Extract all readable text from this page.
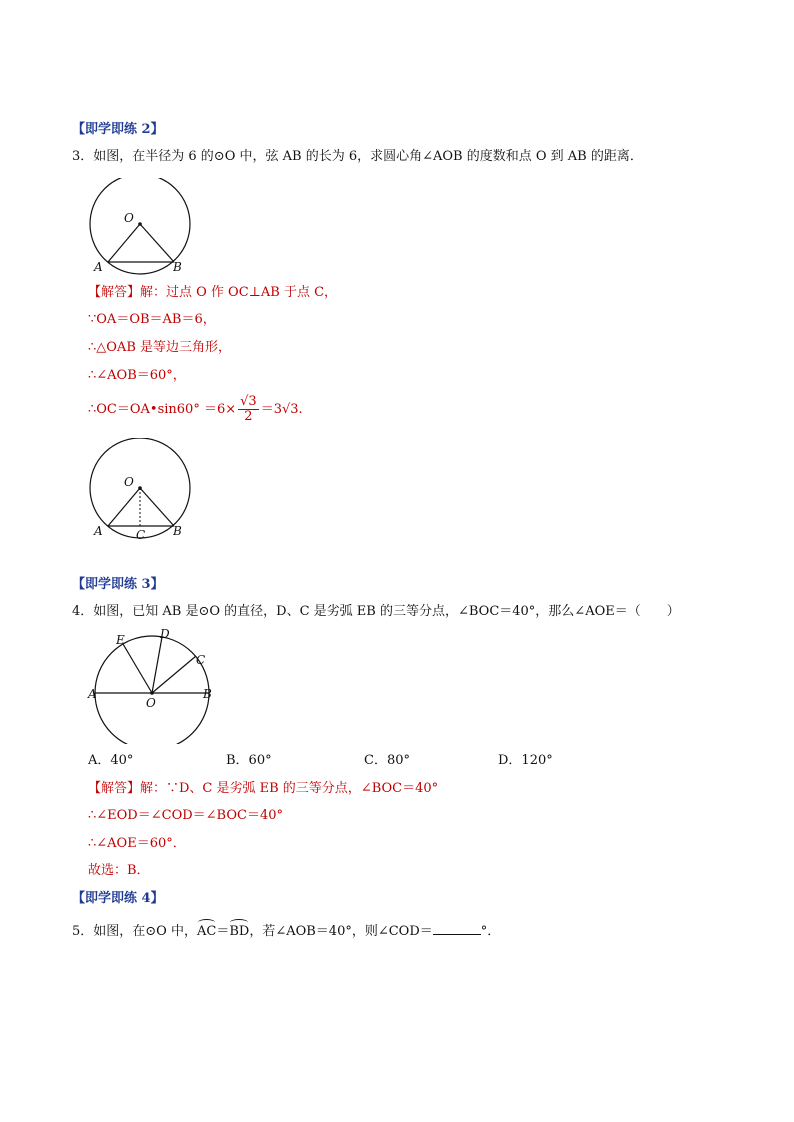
【即学即练 2】
3．如图，在半径为 6 的⊙O 中，弦 AB 的长为 6，求圆心角∠AOB 的度数和点 O 到 AB 的距离．
O
A	B
【解答】解：过点 O 作 OC⊥AB 于点 C，
∵OA＝OB＝AB＝6，
∴△OAB 是等边三角形，
∴∠AOB＝60°，
∴OC＝OA•sin60° $=6\times \frac{√3}{2} =3√3$.
O
A	B
C
【即学即练 3】
4．如图，已知 AB 是⊙O 的直径，D、C 是劣弧 EB 的三等分点，∠BOC＝40°，那么∠AOE＝（　　）
E	D
C
A
O
B
A．40°	B．60°	C．80°	D．120°
【解答】解：∵D、C 是劣弧 EB 的三等分点，∠BOC＝40°
∴∠EOD＝∠COD＝∠BOC＝40°
∴∠AOE＝60°．
故选：B．
【即学即练 4】
5．如图，在⊙O 中，AC＝BD，若∠AOB＝40°，则∠COD＝	°．
